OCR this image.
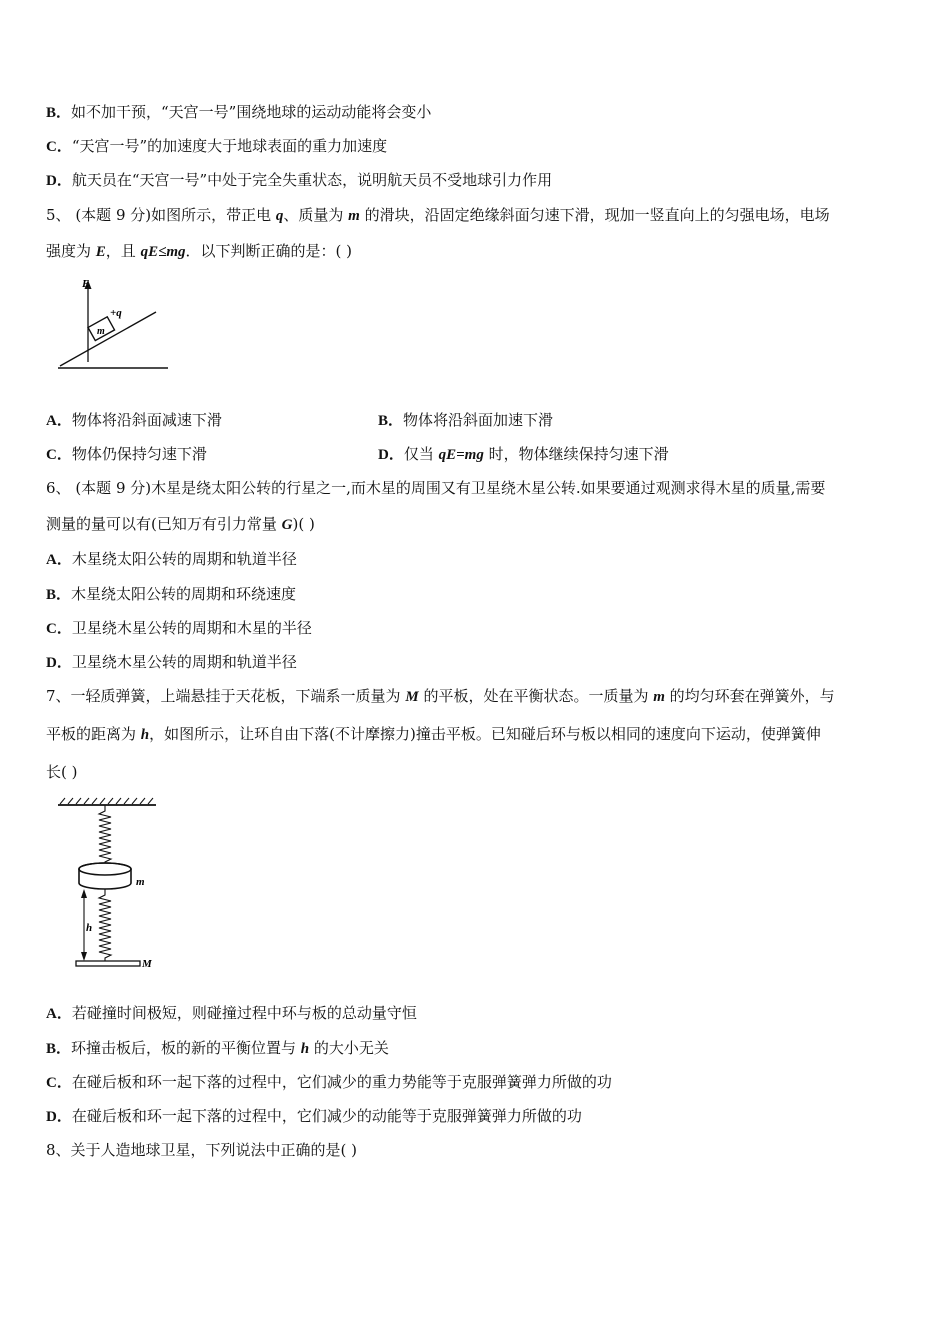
B．如不加干预，“天宫一号”围绕地球的运动动能将会变小
C．“天宫一号”的加速度大于地球表面的重力加速度
D．航天员在“天宫一号”中处于完全失重状态，说明航天员不受地球引力作用
5、 (本题 9 分)如图所示，带正电 q、质量为 m 的滑块，沿固定绝缘斜面匀速下滑，现加一竖直向上的匀强电场，电场
强度为 E，且 qE≤mg．以下判断正确的是：( )
E
m
+q
A．物体将沿斜面减速下滑	B．物体将沿斜面加速下滑
C．物体仍保持匀速下滑	D．仅当 qE=mg 时，物体继续保持匀速下滑
6、 (本题 9 分)木星是绕太阳公转的行星之一,而木星的周围又有卫星绕木星公转.如果要通过观测求得木星的质量,需要
测量的量可以有(已知万有引力常量 G)( )
A．木星绕太阳公转的周期和轨道半径
B．木星绕太阳公转的周期和环绕速度
C．卫星绕木星公转的周期和木星的半径
D．卫星绕木星公转的周期和轨道半径
7、一轻质弹簧，上端悬挂于天花板，下端系一质量为 M 的平板，处在平衡状态。一质量为 m 的均匀环套在弹簧外，与
平板的距离为 h，如图所示，让环自由下落(不计摩擦力)撞击平板。已知碰后环与板以相同的速度向下运动，使弹簧伸
长( )
m
h
M
A．若碰撞时间极短，则碰撞过程中环与板的总动量守恒
B．环撞击板后，板的新的平衡位置与 h 的大小无关
C．在碰后板和环一起下落的过程中，它们减少的重力势能等于克服弹簧弹力所做的功
D．在碰后板和环一起下落的过程中，它们减少的动能等于克服弹簧弹力所做的功
8、关于人造地球卫星，下列说法中正确的是( )
